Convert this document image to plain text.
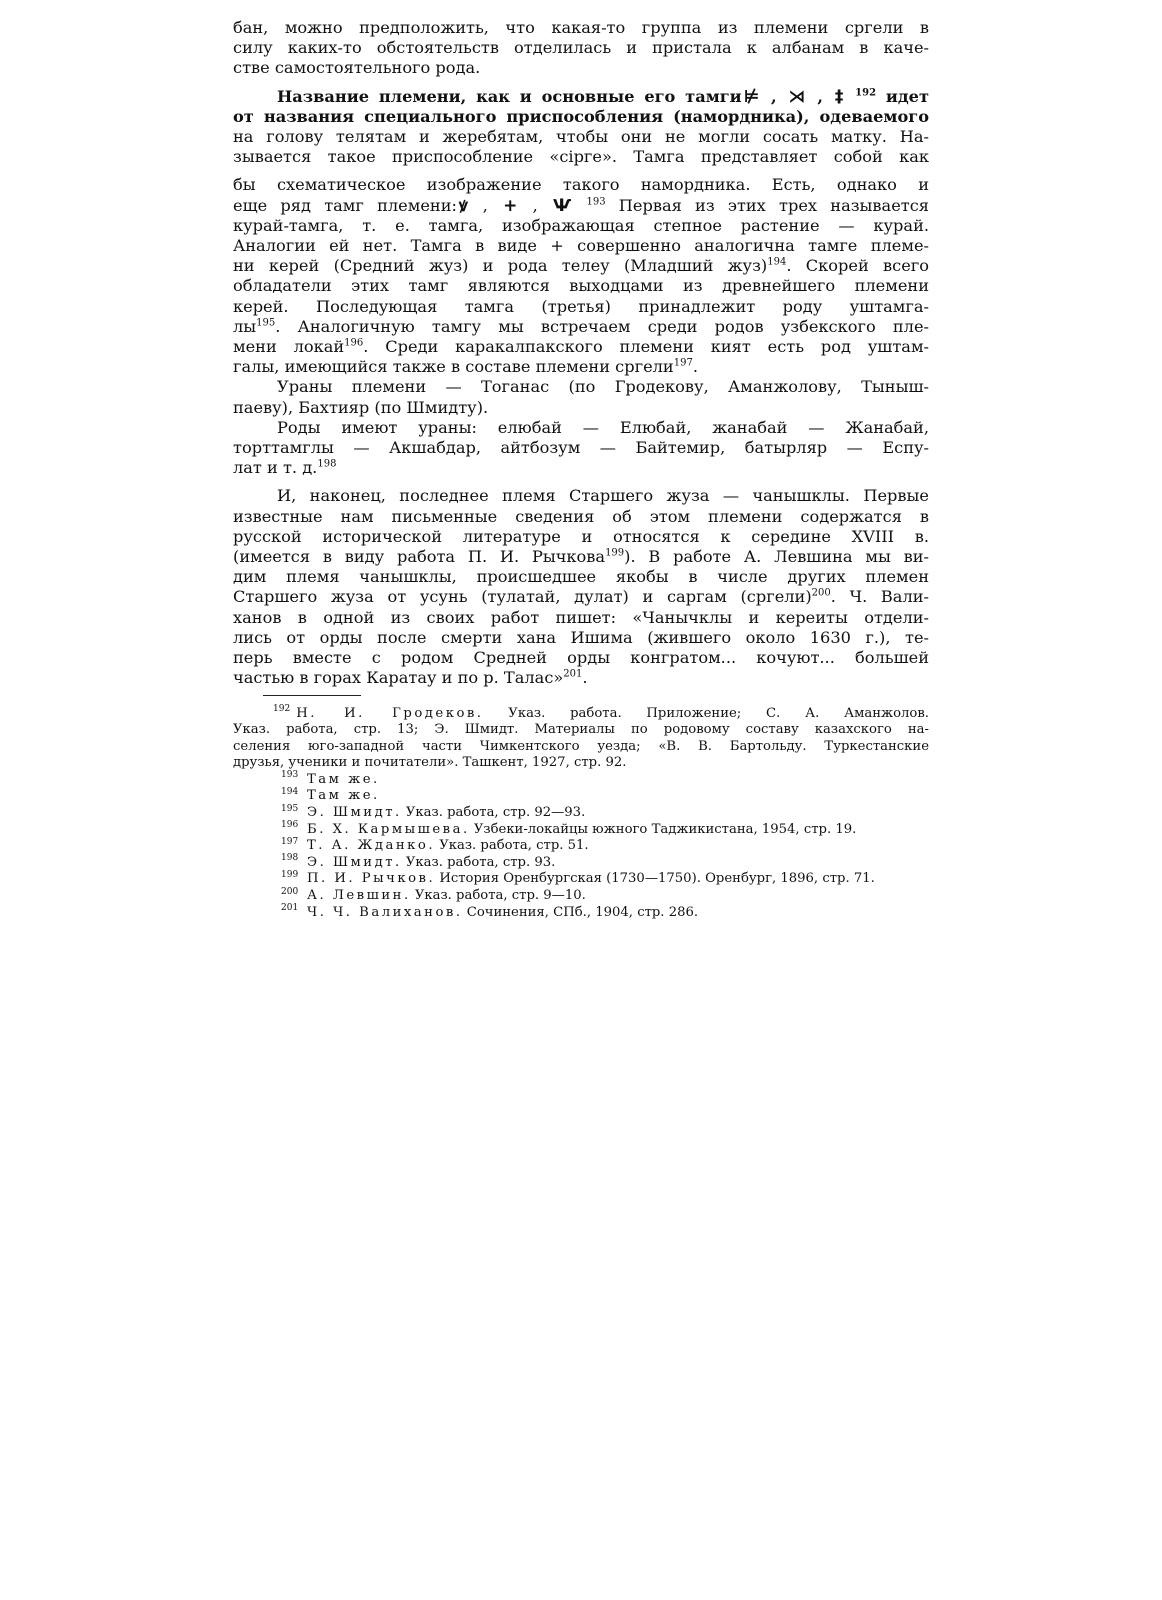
бан, можно предположить, что какая-то группа из племени сргели в
силу каких-то обстоятельств отделилась и пристала к албанам в каче-
стве самостоятельного рода.
Название племени, как и основные его тамги ⊭ , ⋊ , ‡ $^{192}$ идет
от названия специального приспособления (намордника), одеваемого
на голову телятам и жеребятам, чтобы они не могли сосать матку. На-
зывается такое приспособление «сiрге». Тамга представляет собой как
бы схематическое изображение такого намордника. Есть, однако и
еще ряд тамг племени: ꝟ , + , Ѱ $^{193}$ Первая из этих трех называется
курай-тамга, т. е. тамга, изображающая степное растение — курай.
Аналогии ей нет. Тамга в виде + совершенно аналогична тамге племе-
ни керей (Средний жуз) и рода телеу (Младший жуз)$^{194}$. Скорей всего
обладатели этих тамг являются выходцами из древнейшего племени
керей. Последующая тамга (третья) принадлежит роду уштамга-
$лы^{195}$. Аналогичную тамгу мы встречаем среди родов узбекского пле-
мени локай$^{196}$. Среди каракалпакского племени кият есть род уштам-
галы, имеющийся также в составе племени сргели$^{197}$.
Ураны племени — Тоганас (по Гродекову, Аманжолову, Тыныш-
паеву), Бахтияр (по Шмидту).
Роды имеют ураны: елюбай — Елюбай, жанабай — Жанабай,
торттамглы — Акшабдар, айтбозум — Байтемир, батырляр — Еспу-
лат и т. д.$^{198}$
И, наконец, последнее племя Старшего жуза — чанышклы. Первые
известные нам письменные сведения об этом племени содержатся в
русской исторической литературе и относятся к середине XVIII в.
(имеется в виду работа П. И. Рычкова$^{199}$). В работе А. Левшина мы ви-
дим племя чанышклы, происшедшее якобы в числе других племен
Старшего жуза от усунь (тулатай, дулат) и саргам (сргели)$^{200}$. Ч. Вали-
ханов в одной из своих работ пишет: «Чанычклы и кереиты отдели-
лись от орды после смерти хана Ишима (жившего около 1630 г.), те-
перь вместе с родом Средней орды конгратом... кочуют... большей
частью в горах Каратау и по р. Талас»$^{201}$.
192 Н. И. Гродеков. Указ. работа. Приложение; С. А. Аманжолов.
Указ. работа, стр. 13; Э. Шмидт. Материалы по родовому составу казахского на-
селения юго-западной части Чимкентского уезда; «В. В. Бартольду. Туркестанские
друзья, ученики и почитатели». Ташкент, 1927, стр. 92.
193 Там же.
194 Там же.
195 Э. Шмидт. Указ. работа, стр. 92—93.
196 Б. Х. Кармышева. Узбеки-локайцы южного Таджикистана, 1954, стр. 19.
197 Т. А. Жданко. Указ. работа, стр. 51.
198 Э. Шмидт. Указ. работа, стр. 93.
199 П. И. Рычков. История Оренбургская (1730—1750). Оренбург, 1896, стр. 71.
200 А. Левшин. Указ. работа, стр. 9—10.
201 Ч. Ч. Валиханов. Сочинения, СПб., 1904, стр. 286.
